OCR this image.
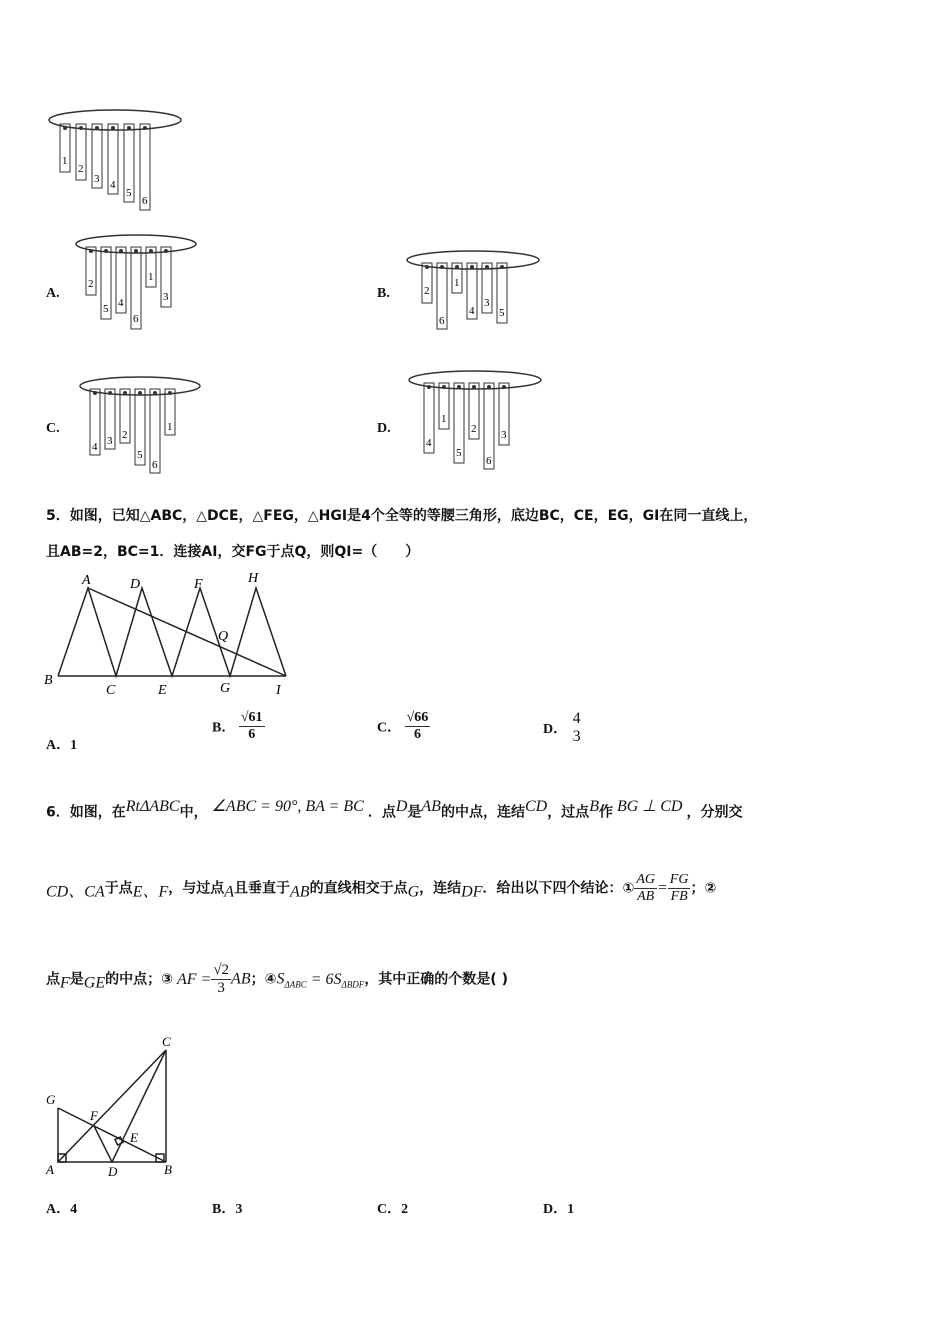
1
2
3 4
5
6
A.
2
5 4
6
1
3	B.	2
6
1
4
3
5
C.
4 3 2
5
6
1	D.
4
1
5
2
6
3
5．如图，已知△ABC，△DCE，△FEG，△HGI是4个全等的等腰三角形，底边BC，CE，EG，GI在同一直线上，
且AB=2，BC=1．连接AI，交FG于点Q，则QI=（　　）
A	D	F	H
Q
B
C	E	G	I
A．1
B． $\frac{√61}{6}$	C． $\frac{√66}{6}$	D．
4
3
6．如图，在$^{Rt\Delta ABC}$中， $^{\angle ABC = 90^\circ, BA = BC}$ ．点$^D$是$^{AB}$的中点，连结$^{CD}$，过点$^B$作 $^{BG \perp CD}$ ，分别交
$_{CD、CA}$于点$_{E、F}$，与过点$_A$且垂直于$_{AB}$的直线相交于点$_G$，连结$_{DF}$．给出以下四个结论：① $\frac{AG}{AB} = \frac{FG}{FB}$ ；②
点$_F$是$_{GE}$的中点；③ AF = $\frac{√2}{3}$ AB；$④S_{\Delta ABC} = 6S_{\Delta BDF}$，其中正确的个数是( )
C
G
F
E
A	D	B
A．4	B．3	C．2	D．1
